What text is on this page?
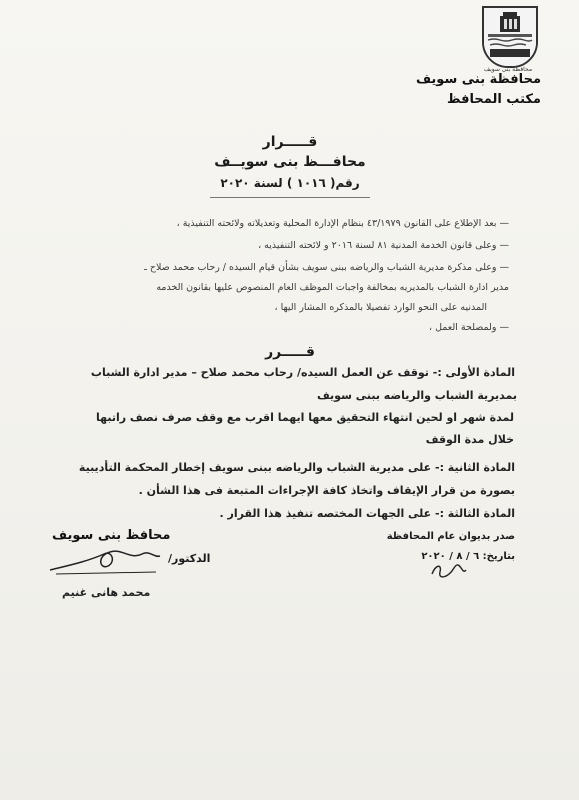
محافظة بنى سويف
محافظة بنى سويف
مكتب المحافظ
قـــــرار
محافـــظ بنى سويــف
رقم( ١٠١٦ ) لسنة ٢٠٢٠
— بعد الإطلاع على القانون ٤٣/١٩٧٩ بنظام الإدارة المحلية وتعديلاته ولائحته التنفيذية ،
— وعلى قانون الخدمة المدنية ٨١ لسنة ٢٠١٦ و لائحته التنفيذيه ،
— وعلى مذكرة مديرية الشباب والرياضه ببنى سويف بشأن قيام السيده / رحاب محمد صلاح ـ
مدير ادارة الشباب بالمديريه بمخالفة واجبات الموظف العام المنصوص عليها بقانون الخدمه
المدنيه على النحو الوارد تفصيلا بالمذكره المشار اليها ،
— ولمصلحة العمل ،
قـــــرر
المادة الأولى :- توقف عن العمل السيده/ رحاب محمد صلاح – مدير ادارة الشباب
بمديرية الشباب والرياضه ببنى سويف
لمدة شهر او لحين انتهاء التحقيق معها ايهما اقرب مع وقف صرف نصف راتبها
خلال مدة الوقف
المادة الثانية :- على مديرية الشباب والرياضه ببنى سويف إخطار المحكمة التأديبية
بصورة من قرار الإيقاف واتخاذ كافة الإجراءات المتبعة فى هذا الشأن .
المادة الثالثة :- على الجهات المختصه تنفيذ هذا القرار .
صدر بديوان عام المحافظة
بتاريخ: ٦ / ٨ / ٢٠٢٠
محافظ بنى سويف
الدكتور/
محمد هانى غنيم
